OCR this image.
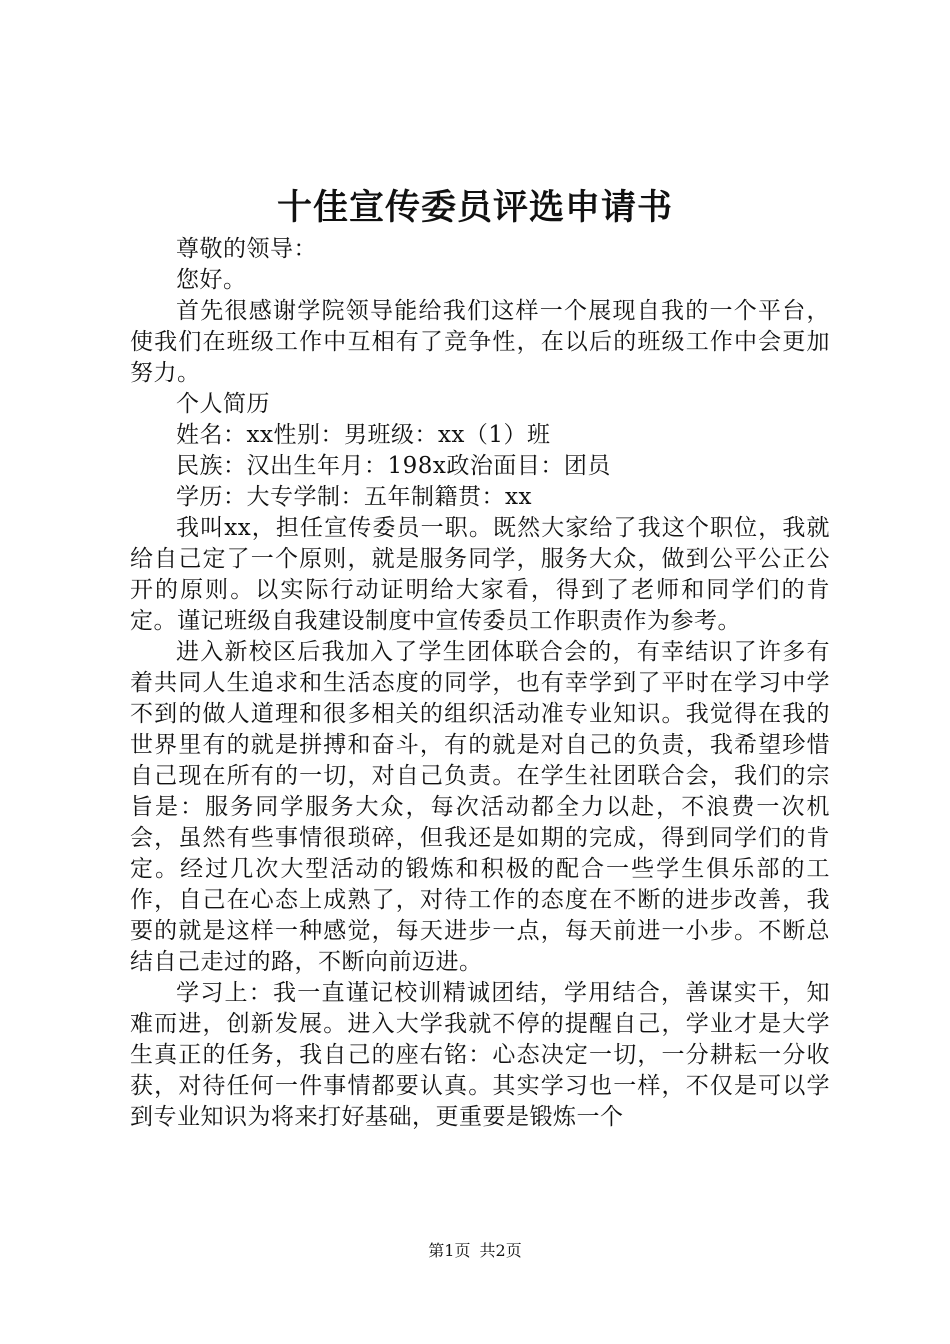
十佳宣传委员评选申请书

尊敬的领导：

您好。

首先很感谢学院领导能给我们这样一个展现自我的一个平台，使我们在班级工作中互相有了竞争性，在以后的班级工作中会更加努力。

个人简历

姓名：xx性别：男班级：xx（1）班

民族：汉出生年月：198x政治面目：团员

学历：大专学制：五年制籍贯：xx

我叫xx，担任宣传委员一职。既然大家给了我这个职位，我就给自己定了一个原则，就是服务同学，服务大众，做到公平公正公开的原则。以实际行动证明给大家看，得到了老师和同学们的肯定。谨记班级自我建设制度中宣传委员工作职责作为参考。

进入新校区后我加入了学生团体联合会的，有幸结识了许多有着共同人生追求和生活态度的同学，也有幸学到了平时在学习中学不到的做人道理和很多相关的组织活动准专业知识。我觉得在我的世界里有的就是拼搏和奋斗，有的就是对自己的负责，我希望珍惜自己现在所有的一切，对自己负责。在学生社团联合会，我们的宗旨是：服务同学服务大众，每次活动都全力以赴，不浪费一次机会，虽然有些事情很琐碎，但我还是如期的完成，得到同学们的肯定。经过几次大型活动的锻炼和积极的配合一些学生俱乐部的工作，自己在心态上成熟了，对待工作的态度在不断的进步改善，我要的就是这样一种感觉，每天进步一点，每天前进一小步。不断总结自己走过的路，不断向前迈进。

学习上：我一直谨记校训精诚团结，学用结合，善谋实干，知难而进，创新发展。进入大学我就不停的提醒自己，学业才是大学生真正的任务，我自己的座右铭：心态决定一切，一分耕耘一分收获，对待任何一件事情都要认真。其实学习也一样，不仅是可以学到专业知识为将来打好基础，更重要是锻炼一个

第1页 共2页
